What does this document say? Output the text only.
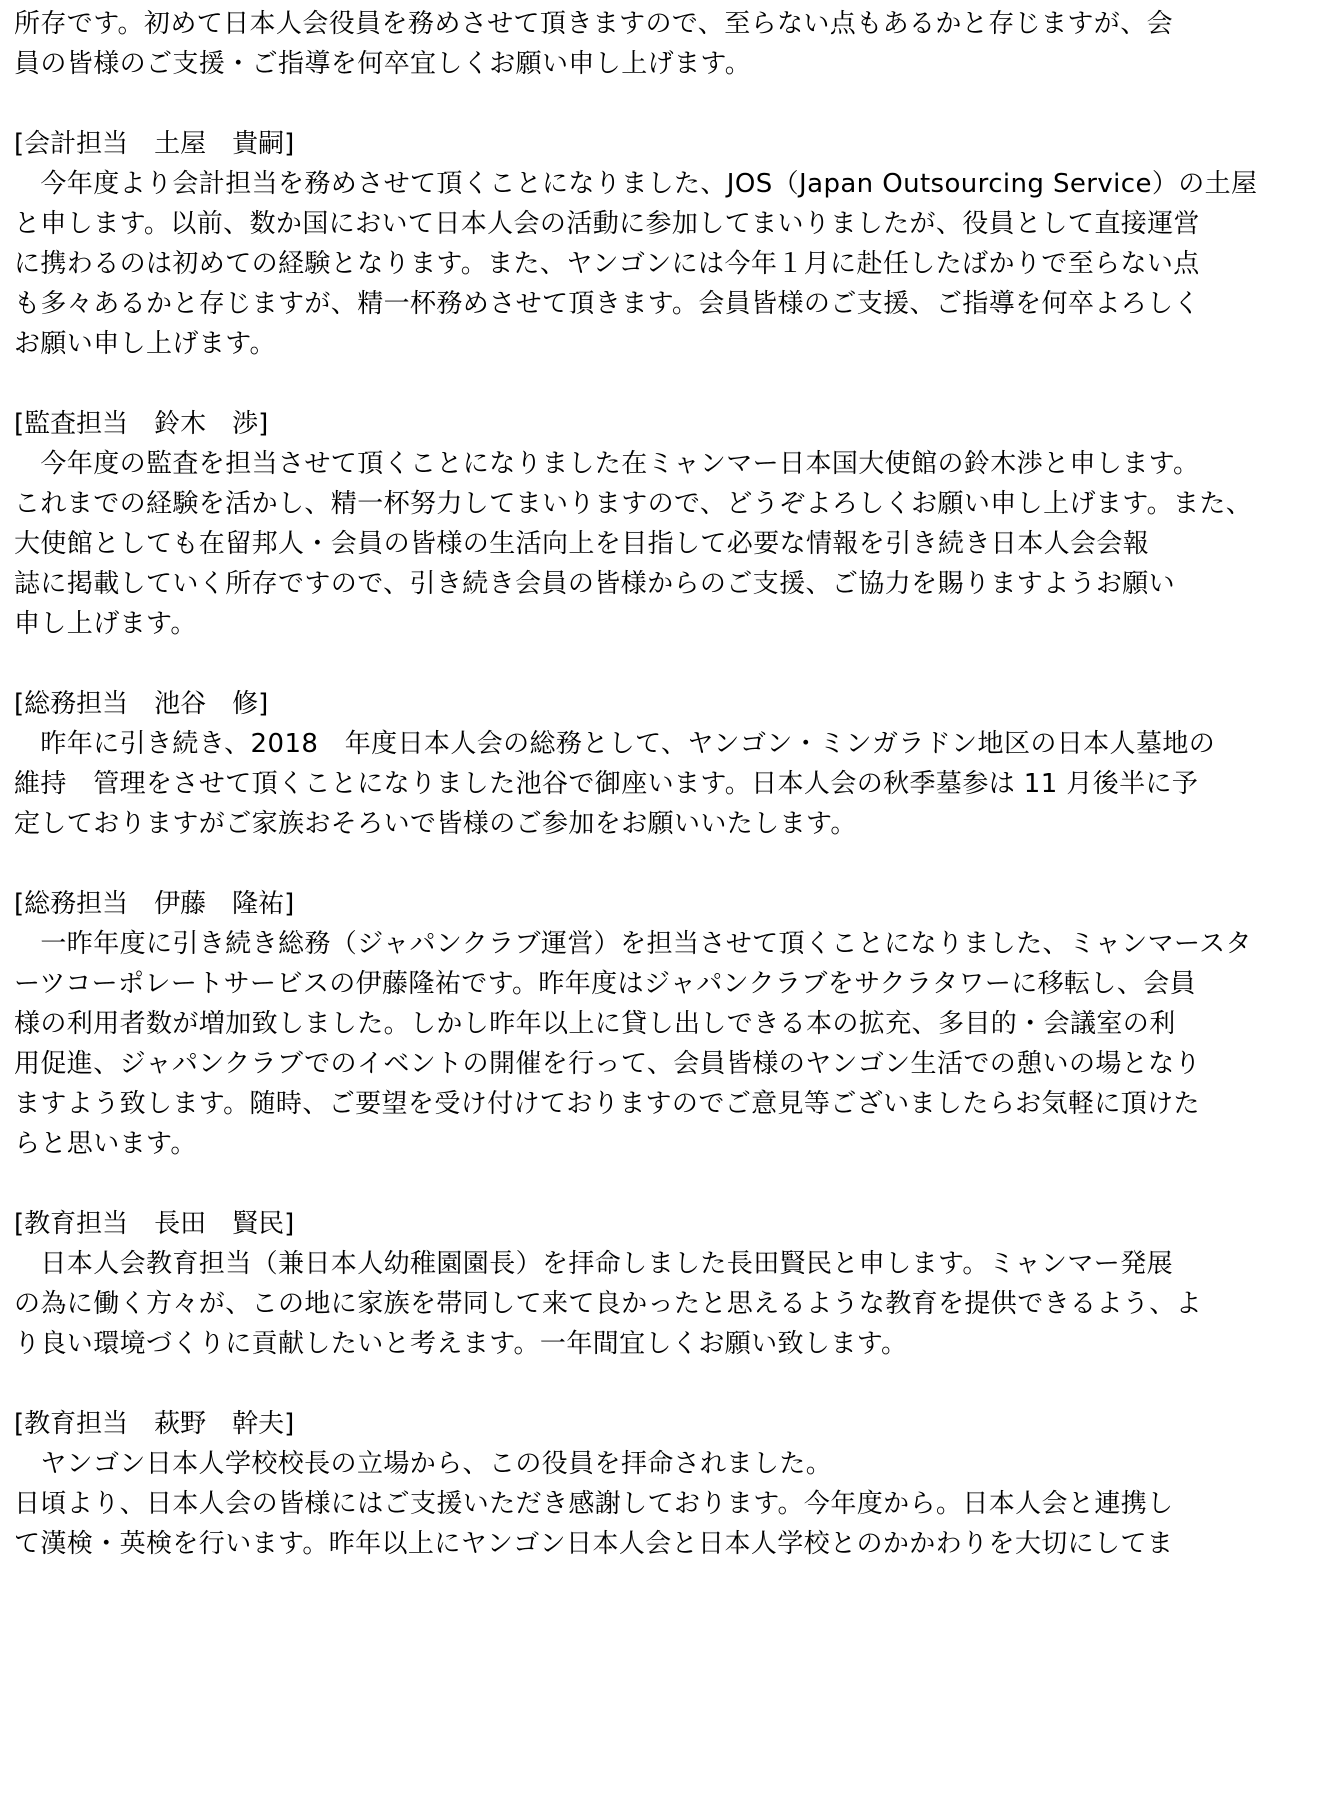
所存です。初めて日本人会役員を務めさせて頂きますので、至らない点もあるかと存じますが、会
員の皆様のご支援・ご指導を何卒宜しくお願い申し上げます。
[会計担当　土屋　貴嗣]
　今年度より会計担当を務めさせて頂くことになりました、JOS（Japan Outsourcing Service）の土屋
と申します。以前、数か国において日本人会の活動に参加してまいりましたが、役員として直接運営
に携わるのは初めての経験となります。また、ヤンゴンには今年１月に赴任したばかりで至らない点
も多々あるかと存じますが、精一杯務めさせて頂きます。会員皆様のご支援、ご指導を何卒よろしく
お願い申し上げます。
[監査担当　鈴木　渉]
　今年度の監査を担当させて頂くことになりました在ミャンマー日本国大使館の鈴木渉と申します。
これまでの経験を活かし、精一杯努力してまいりますので、どうぞよろしくお願い申し上げます。また、
大使館としても在留邦人・会員の皆様の生活向上を目指して必要な情報を引き続き日本人会会報
誌に掲載していく所存ですので、引き続き会員の皆様からのご支援、ご協力を賜りますようお願い
申し上げます。
[総務担当　池谷　修]
　昨年に引き続き、2018　年度日本人会の総務として、ヤンゴン・ミンガラドン地区の日本人墓地の
維持　管理をさせて頂くことになりました池谷で御座います。日本人会の秋季墓参は 11 月後半に予
定しておりますがご家族おそろいで皆様のご参加をお願いいたします。
[総務担当　伊藤　隆祐]
　一昨年度に引き続き総務（ジャパンクラブ運営）を担当させて頂くことになりました、ミャンマースタ
ーツコーポレートサービスの伊藤隆祐です。昨年度はジャパンクラブをサクラタワーに移転し、会員
様の利用者数が増加致しました。しかし昨年以上に貸し出しできる本の拡充、多目的・会議室の利
用促進、ジャパンクラブでのイベントの開催を行って、会員皆様のヤンゴン生活での憩いの場となり
ますよう致します。随時、ご要望を受け付けておりますのでご意見等ございましたらお気軽に頂けた
らと思います。
[教育担当　長田　賢民]
　日本人会教育担当（兼日本人幼稚園園長）を拝命しました長田賢民と申します。ミャンマー発展
の為に働く方々が、この地に家族を帯同して来て良かったと思えるような教育を提供できるよう、よ
り良い環境づくりに貢献したいと考えます。一年間宜しくお願い致します。
[教育担当　萩野　幹夫]
　ヤンゴン日本人学校校長の立場から、この役員を拝命されました。
日頃より、日本人会の皆様にはご支援いただき感謝しております。今年度から。日本人会と連携し
て漢検・英検を行います。昨年以上にヤンゴン日本人会と日本人学校とのかかわりを大切にしてま
